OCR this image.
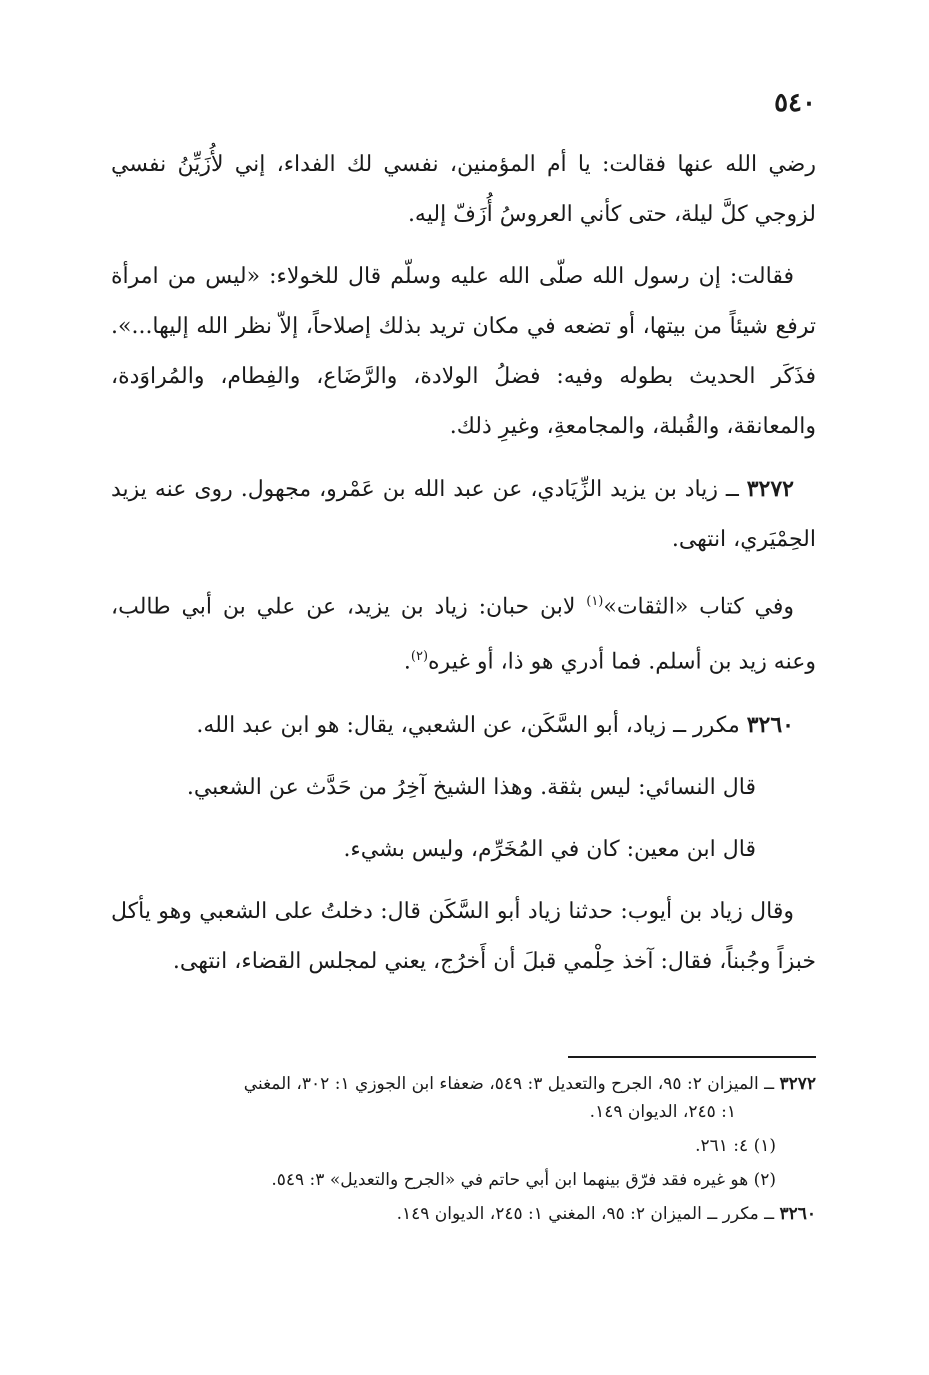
٥٤٠

رضي الله عنها فقالت: يا أم المؤمنين، نفسي لك الفداء، إني لأُزَيِّنُ نفسي لزوجي كلَّ ليلة، حتى كأني العروسُ أُزَفّ إليه.

فقالت: إن رسول الله صلّى الله عليه وسلّم قال للخولاء: «ليس من امرأة ترفع شيئاً من بيتها، أو تضعه في مكان تريد بذلك إصلاحاً، إلاّ نظر الله إليها...». فذَكَر الحديث بطوله وفيه: فضلُ الولادة، والرَّضَاع، والفِطام، والمُراوَدة، والمعانقة، والقُبلة، والمجامعةِ، وغيرِ ذلك.

٣٢٧٢ ــ زياد بن يزيد الزِّيَادي، عن عبد الله بن عَمْرو، مجهول. روى عنه يزيد الحِمْيَري، انتهى.

وفي كتاب «الثقات»$^{(١)}$ لابن حبان: زياد بن يزيد، عن علي بن أبي طالب، وعنه زيد بن أسلم. فما أدري هو ذا، أو غيره$^{(٢)}$.

٣٢٦٠ مكرر ــ زياد، أبو السَّكَن، عن الشعبي، يقال: هو ابن عبد الله.

قال النسائي: ليس بثقة. وهذا الشيخ آخِرُ من حَدَّث عن الشعبي.

قال ابن معين: كان في المُخَرِّم، وليس بشيء.

وقال زياد بن أيوب: حدثنا زياد أبو السَّكَن قال: دخلتُ على الشعبي وهو يأكل خبزاً وجُبناً، فقال: آخذ حِلْمي قبلَ أن أَخرُج، يعني لمجلس القضاء، انتهى.

٣٢٧٢ ــ الميزان ٢: ٩٥، الجرح والتعديل ٣: ٥٤٩، ضعفاء ابن الجوزي ١: ٣٠٢، المغني
١: ٢٤٥، الديوان ١٤٩.

(١) ٤: ٢٦١.

(٢) هو غيره فقد فرّق بينهما ابن أبي حاتم في «الجرح والتعديل» ٣: ٥٤٩.

٣٢٦٠ ــ مكرر ــ الميزان ٢: ٩٥، المغني ١: ٢٤٥، الديوان ١٤٩.
